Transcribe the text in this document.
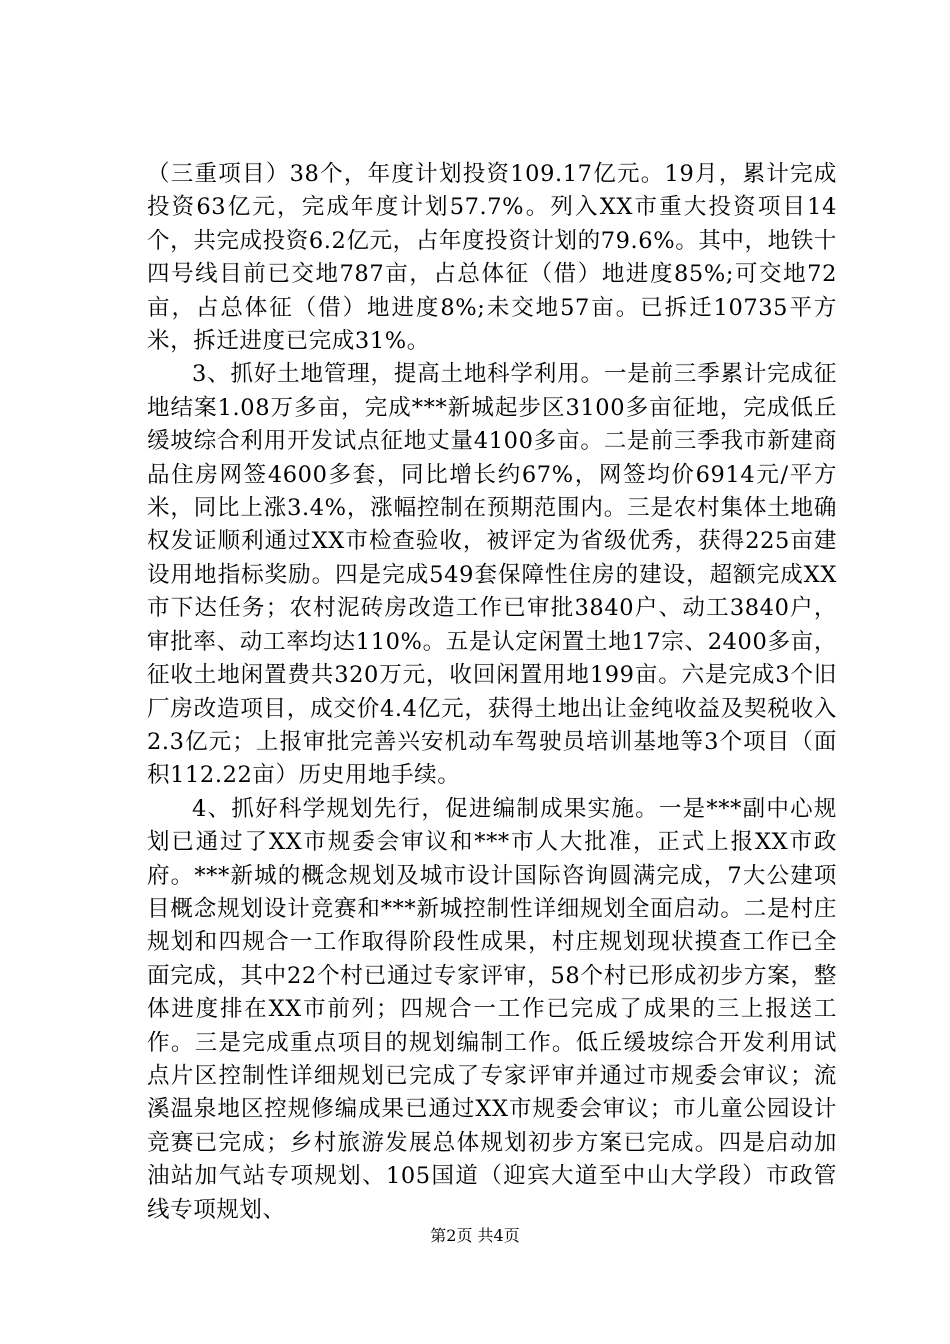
（三重项目）38个，年度计划投资109.17亿元。19月，累计完成投资63亿元，完成年度计划57.7%。列入XX市重大投资项目14个，共完成投资6.2亿元，占年度投资计划的79.6%。其中，地铁十四号线目前已交地787亩，占总体征（借）地进度85%;可交地72亩，占总体征（借）地进度8%;未交地57亩。已拆迁10735平方米，拆迁进度已完成31%。

3、抓好土地管理，提高土地科学利用。一是前三季累计完成征地结案1.08万多亩，完成***新城起步区3100多亩征地，完成低丘缓坡综合利用开发试点征地丈量4100多亩。二是前三季我市新建商品住房网签4600多套，同比增长约67%，网签均价6914元/平方米，同比上涨3.4%，涨幅控制在预期范围内。三是农村集体土地确权发证顺利通过XX市检查验收，被评定为省级优秀，获得225亩建设用地指标奖励。四是完成549套保障性住房的建设，超额完成XX市下达任务；农村泥砖房改造工作已审批3840户、动工3840户，审批率、动工率均达110%。五是认定闲置土地17宗、2400多亩，征收土地闲置费共320万元，收回闲置用地199亩。六是完成3个旧厂房改造项目，成交价4.4亿元，获得土地出让金纯收益及契税收入2.3亿元；上报审批完善兴安机动车驾驶员培训基地等3个项目（面积112.22亩）历史用地手续。

4、抓好科学规划先行，促进编制成果实施。一是***副中心规划已通过了XX市规委会审议和***市人大批准，正式上报XX市政府。***新城的概念规划及城市设计国际咨询圆满完成，7大公建项目概念规划设计竞赛和***新城控制性详细规划全面启动。二是村庄规划和四规合一工作取得阶段性成果，村庄规划现状摸查工作已全面完成，其中22个村已通过专家评审，58个村已形成初步方案，整体进度排在XX市前列；四规合一工作已完成了成果的三上报送工作。三是完成重点项目的规划编制工作。低丘缓坡综合开发利用试点片区控制性详细规划已完成了专家评审并通过市规委会审议；流溪温泉地区控规修编成果已通过XX市规委会审议；市儿童公园设计竞赛已完成；乡村旅游发展总体规划初步方案已完成。四是启动加油站加气站专项规划、105国道（迎宾大道至中山大学段）市政管线专项规划、

第2页 共4页
